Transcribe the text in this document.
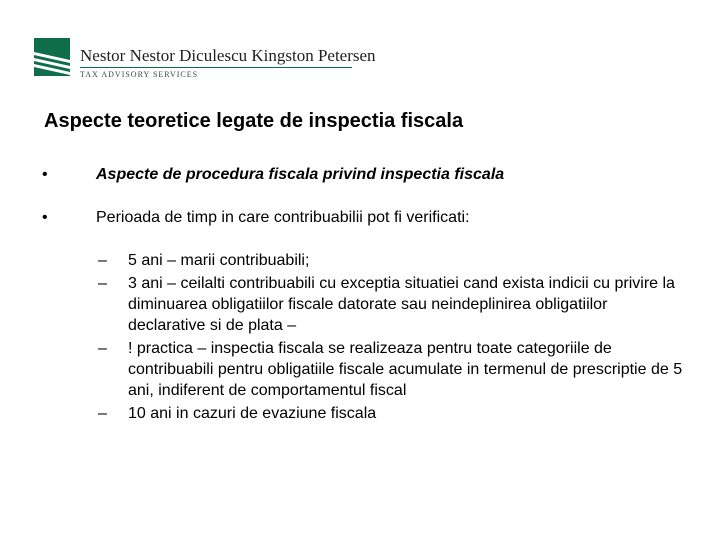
Nestor Nestor Diculescu Kingston Petersen
TAX ADVISORY SERVICES
Aspecte teoretice legate de inspectia fiscala
•	Aspecte de procedura fiscala privind inspectia fiscala
•	Perioada de timp in care contribuabilii pot fi verificati:
– 5 ani – marii contribuabili;
– 3 ani – ceilalti contribuabili cu exceptia situatiei cand exista indicii cu privire la diminuarea obligatiilor fiscale datorate sau neindeplinirea obligatiilor declarative si de plata –
– ! practica – inspectia fiscala se realizeaza pentru toate categoriile de contribuabili pentru obligatiile fiscale acumulate in termenul de prescriptie de 5 ani, indiferent de comportamentul fiscal
– 10 ani in cazuri de evaziune fiscala
